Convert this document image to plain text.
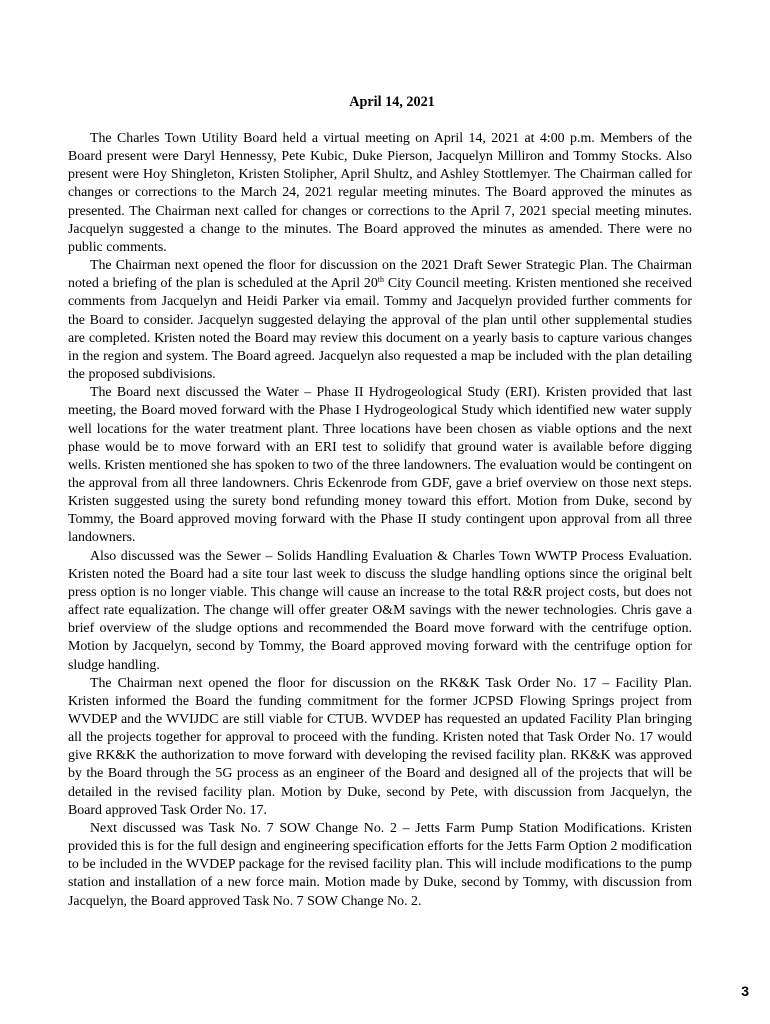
April 14, 2021

The Charles Town Utility Board held a virtual meeting on April 14, 2021 at 4:00 p.m. Members of the Board present were Daryl Hennessy, Pete Kubic, Duke Pierson, Jacquelyn Milliron and Tommy Stocks. Also present were Hoy Shingleton, Kristen Stolipher, April Shultz, and Ashley Stottlemyer. The Chairman called for changes or corrections to the March 24, 2021 regular meeting minutes. The Board approved the minutes as presented. The Chairman next called for changes or corrections to the April 7, 2021 special meeting minutes. Jacquelyn suggested a change to the minutes. The Board approved the minutes as amended. There were no public comments.

The Chairman next opened the floor for discussion on the 2021 Draft Sewer Strategic Plan. The Chairman noted a briefing of the plan is scheduled at the April 20th City Council meeting. Kristen mentioned she received comments from Jacquelyn and Heidi Parker via email. Tommy and Jacquelyn provided further comments for the Board to consider. Jacquelyn suggested delaying the approval of the plan until other supplemental studies are completed. Kristen noted the Board may review this document on a yearly basis to capture various changes in the region and system. The Board agreed. Jacquelyn also requested a map be included with the plan detailing the proposed subdivisions.

The Board next discussed the Water – Phase II Hydrogeological Study (ERI). Kristen provided that last meeting, the Board moved forward with the Phase I Hydrogeological Study which identified new water supply well locations for the water treatment plant. Three locations have been chosen as viable options and the next phase would be to move forward with an ERI test to solidify that ground water is available before digging wells. Kristen mentioned she has spoken to two of the three landowners. The evaluation would be contingent on the approval from all three landowners. Chris Eckenrode from GDF, gave a brief overview on those next steps. Kristen suggested using the surety bond refunding money toward this effort. Motion from Duke, second by Tommy, the Board approved moving forward with the Phase II study contingent upon approval from all three landowners.

Also discussed was the Sewer – Solids Handling Evaluation & Charles Town WWTP Process Evaluation. Kristen noted the Board had a site tour last week to discuss the sludge handling options since the original belt press option is no longer viable. This change will cause an increase to the total R&R project costs, but does not affect rate equalization. The change will offer greater O&M savings with the newer technologies. Chris gave a brief overview of the sludge options and recommended the Board move forward with the centrifuge option. Motion by Jacquelyn, second by Tommy, the Board approved moving forward with the centrifuge option for sludge handling.

The Chairman next opened the floor for discussion on the RK&K Task Order No. 17 – Facility Plan. Kristen informed the Board the funding commitment for the former JCPSD Flowing Springs project from WVDEP and the WVIJDC are still viable for CTUB. WVDEP has requested an updated Facility Plan bringing all the projects together for approval to proceed with the funding. Kristen noted that Task Order No. 17 would give RK&K the authorization to move forward with developing the revised facility plan. RK&K was approved by the Board through the 5G process as an engineer of the Board and designed all of the projects that will be detailed in the revised facility plan. Motion by Duke, second by Pete, with discussion from Jacquelyn, the Board approved Task Order No. 17.

Next discussed was Task No. 7 SOW Change No. 2 – Jetts Farm Pump Station Modifications. Kristen provided this is for the full design and engineering specification efforts for the Jetts Farm Option 2 modification to be included in the WVDEP package for the revised facility plan. This will include modifications to the pump station and installation of a new force main. Motion made by Duke, second by Tommy, with discussion from Jacquelyn, the Board approved Task No. 7 SOW Change No. 2.

3
